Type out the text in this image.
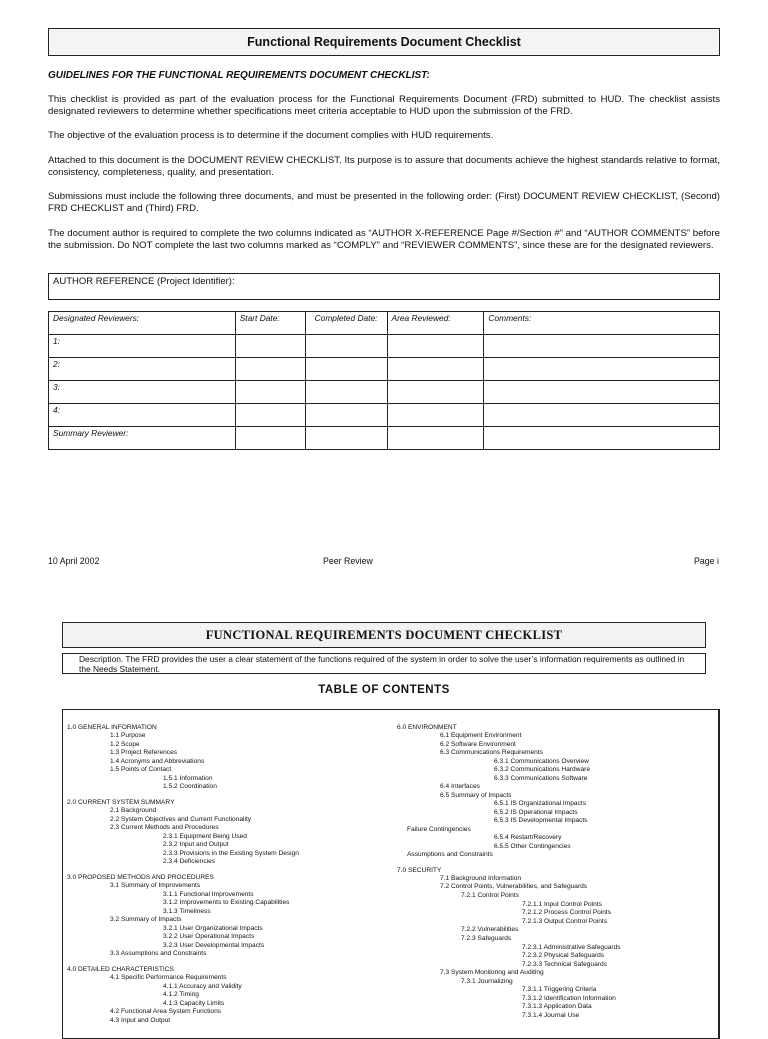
Functional Requirements Document Checklist
GUIDELINES FOR THE FUNCTIONAL REQUIREMENTS DOCUMENT CHECKLIST:
This checklist is provided as part of the evaluation process for the Functional Requirements Document (FRD) submitted to HUD. The checklist assists designated reviewers to determine whether specifications meet criteria acceptable to HUD upon the submission of the FRD.
The objective of the evaluation process is to determine if the document complies with HUD requirements.
Attached to this document is the DOCUMENT REVIEW CHECKLIST. Its purpose is to assure that documents achieve the highest standards relative to format, consistency, completeness, quality, and presentation.
Submissions must include the following three documents, and must be presented in the following order: (First) DOCUMENT REVIEW CHECKLIST, (Second) FRD CHECKLIST and (Third) FRD.
The document author is required to complete the two columns indicated as “AUTHOR X-REFERENCE Page #/Section #” and “AUTHOR COMMENTS” before the submission. Do NOT complete the last two columns marked as “COMPLY” and “REVIEWER COMMENTS”, since these are for the designated reviewers.
AUTHOR REFERENCE (Project Identifier):
Designated Reviewers:	Start Date:	Completed Date:	Area Reviewed:	Comments:
1:				
2:				
3:				
4:				
Summary Reviewer:				
10 April 2002	Peer Review	Page i
FUNCTIONAL REQUIREMENTS DOCUMENT CHECKLIST
Description. The FRD provides the user a clear statement of the functions required of the system in order to solve the user’s information requirements as outlined in the Needs Statement.
TABLE OF CONTENTS
1.0 GENERAL INFORMATION
1.1 Purpose
1.2 Scope
1.3 Project References
1.4 Acronyms and Abbreviations
1.5 Points of Contact
1.5.1 Information
1.5.2 Coordination
2.0 CURRENT SYSTEM SUMMARY
2.1 Background
2.2 System Objectives and Current Functionality
2.3 Current Methods and Procedures
2.3.1 Equipment Being Used
2.3.2 Input and Output
2.3.3 Provisions in the Existing System Design
2.3.4 Deficiencies
3.0 PROPOSED METHODS AND PROCEDURES
3.1 Summary of Improvements
3.1.1 Functional Improvements
3.1.2 Improvements to Existing Capabilities
3.1.3 Timeliness
3.2 Summary of Impacts
3.2.1 User Organizational Impacts
3.2.2 User Operational Impacts
3.2.3 User Developmental Impacts
3.3 Assumptions and Constraints
4.0 DETAILED CHARACTERISTICS
4.1 Specific Performance Requirements
4.1.1 Accuracy and Validity
4.1.2 Timing
4.1.3 Capacity Limits
4.2 Functional Area System Functions
4.3 Input and Output
6.0 ENVIRONMENT
6.1 Equipment Environment
6.2 Software Environment
6.3 Communications Requirements
6.3.1 Communications Overview
6.3.2 Communications Hardware
6.3.3 Communications Software
6.4 Interfaces
6.5 Summary of Impacts
6.5.1 IS Organizational Impacts
6.5.2 IS Operational Impacts
6.5.3 IS Developmental Impacts
Failure Contingencies
6.5.4 Restart/Recovery
6.5.5 Other Contingencies
Assumptions and Constraints
7.0 SECURITY
7.1 Background Information
7.2 Control Points, Vulnerabilities, and Safeguards
7.2.1 Control Points
7.2.1.1 Input Control Points
7.2.1.2 Process Control Points
7.2.1.3 Output Control Points
7.2.2 Vulnerabilities
7.2.3 Safeguards
7.2.3.1 Administrative Safeguards
7.2.3.2 Physical Safeguards
7.2.3.3 Technical Safeguards
7.3 System Monitoring and Auditing
7.3.1 Journalizing
7.3.1.1 Triggering Criteria
7.3.1.2 Identification Information
7.3.1.3 Application Data
7.3.1.4 Journal Use
